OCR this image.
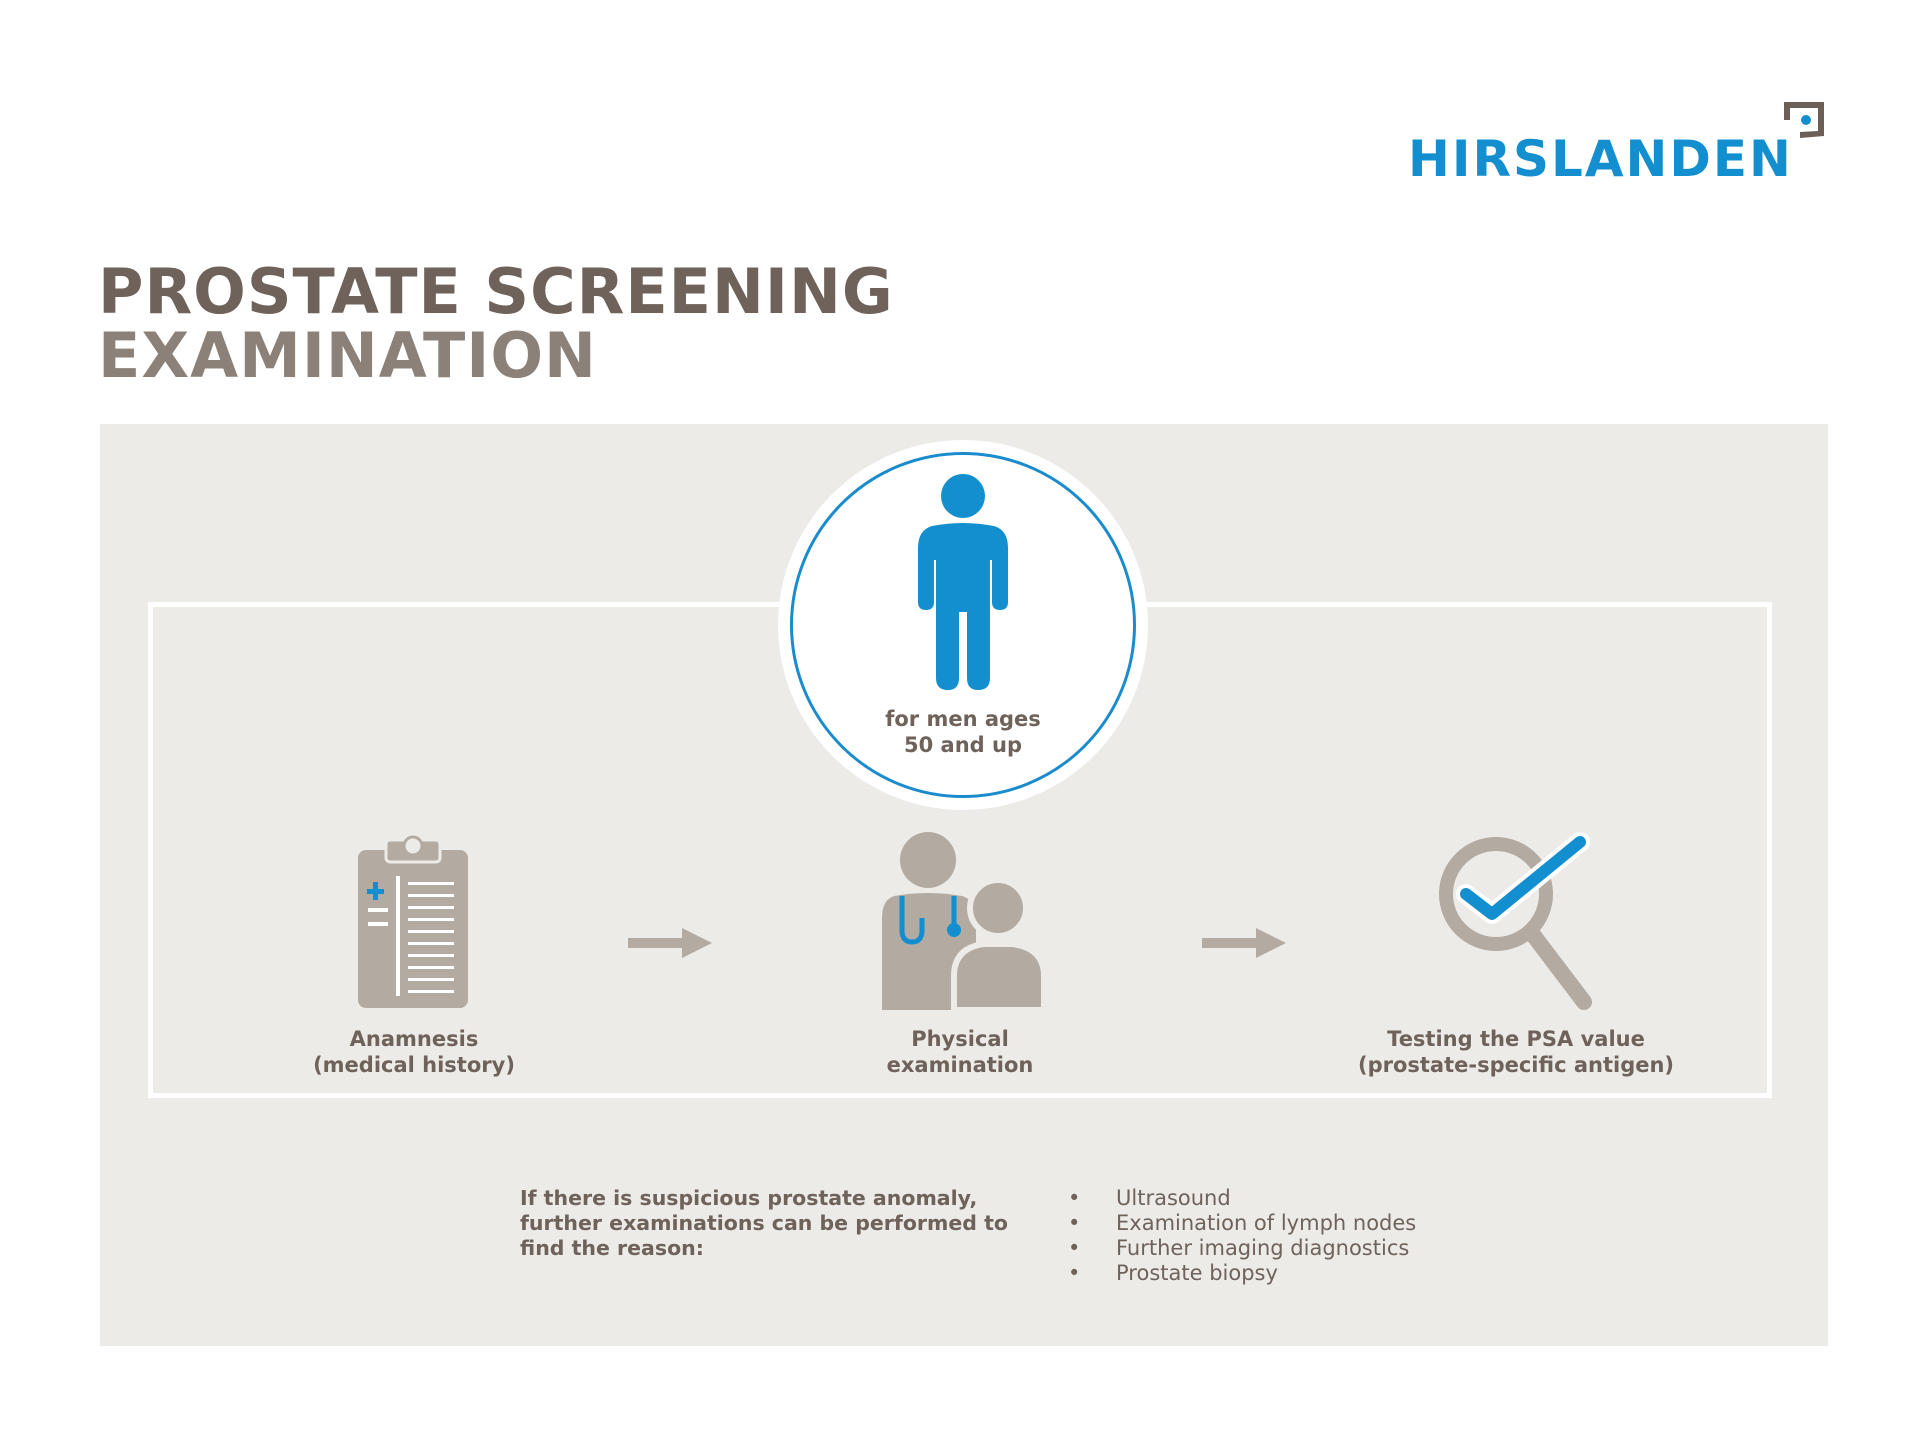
HIRSLANDEN
PROSTATE SCREENING
EXAMINATION
for men ages
50 and up
Anamnesis
(medical history)
Physical
examination
Testing the PSA value
(prostate-specific antigen)
If there is suspicious prostate anomaly, further examinations can be performed to find the reason:
• Ultrasound
• Examination of lymph nodes
• Further imaging diagnostics
• Prostate biopsy
